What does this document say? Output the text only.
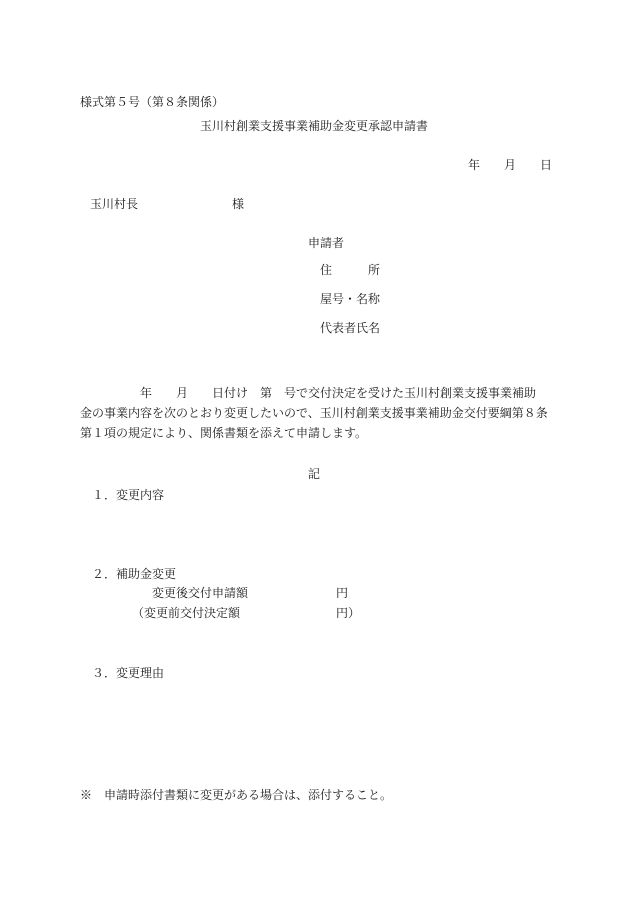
様式第５号（第８条関係）
玉川村創業支援事業補助金変更承認申請書
年 月 日
玉川村長	様
申請者
住　　　所
屋号・名称
代表者氏名
年　　月　　日付け　第　号で交付決定を受けた玉川村創業支援事業補助
金の事業内容を次のとおり変更したいので、玉川村創業支援事業補助金交付要綱第８条
第１項の規定により、関係書類を添えて申請します。
記
１．変更内容
２．補助金変更
変更後交付申請額	円
（変更前交付決定額	円）
３．変更理由
※　申請時添付書類に変更がある場合は、添付すること。
